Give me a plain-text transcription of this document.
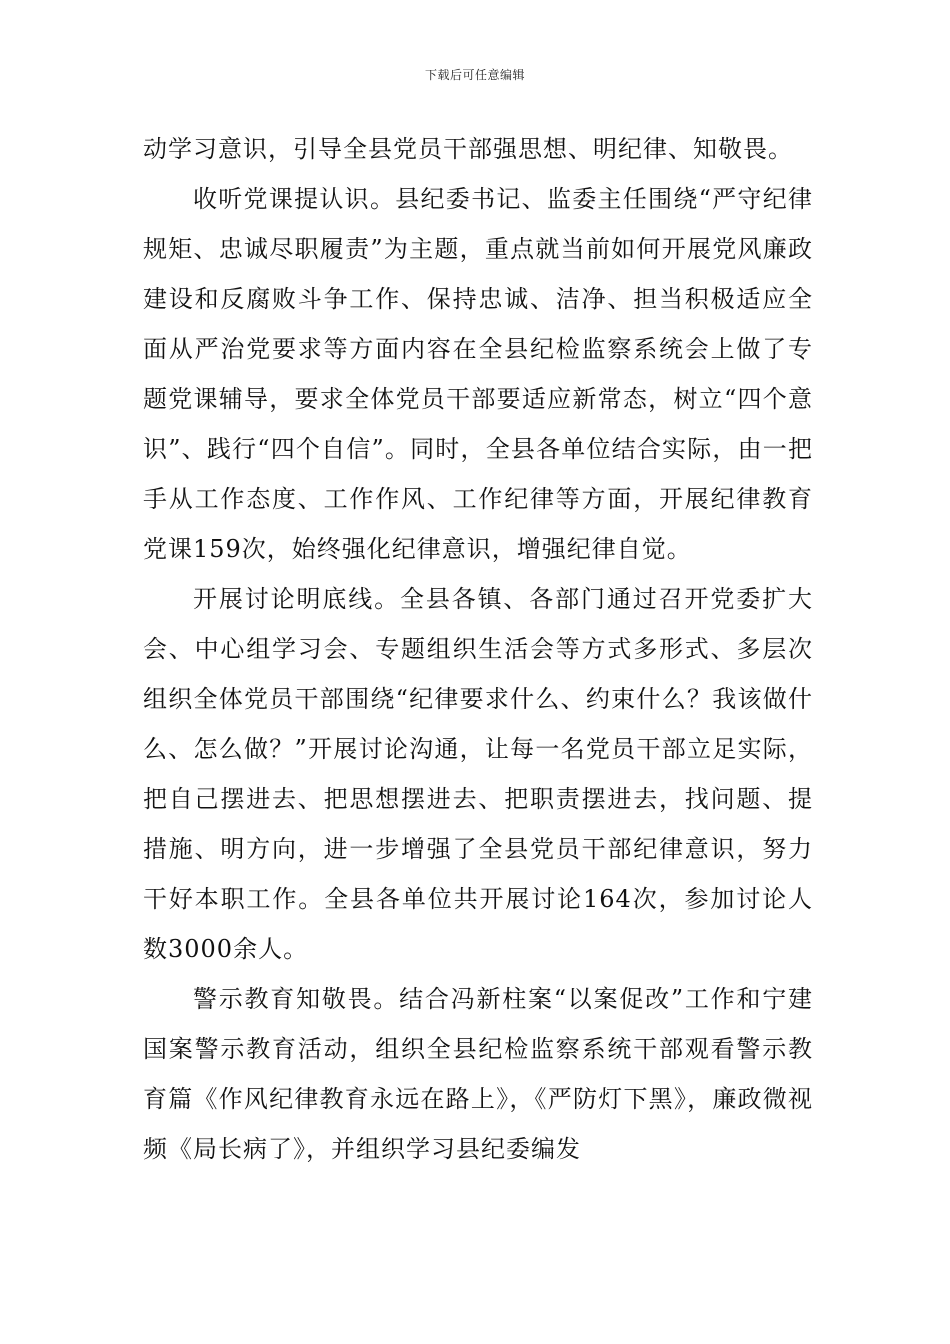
下载后可任意编辑

动学习意识，引导全县党员干部强思想、明纪律、知敬畏。

收听党课提认识。县纪委书记、监委主任围绕“严守纪律规矩、忠诚尽职履责”为主题，重点就当前如何开展党风廉政建设和反腐败斗争工作、保持忠诚、洁净、担当积极适应全面从严治党要求等方面内容在全县纪检监察系统会上做了专题党课辅导，要求全体党员干部要适应新常态，树立“四个意识”、践行“四个自信”。同时，全县各单位结合实际，由一把手从工作态度、工作作风、工作纪律等方面，开展纪律教育党课159次，始终强化纪律意识，增强纪律自觉。

开展讨论明底线。全县各镇、各部门通过召开党委扩大会、中心组学习会、专题组织生活会等方式多形式、多层次组织全体党员干部围绕“纪律要求什么、约束什么？我该做什么、怎么做？”开展讨论沟通，让每一名党员干部立足实际，把自己摆进去、把思想摆进去、把职责摆进去，找问题、提措施、明方向，进一步增强了全县党员干部纪律意识，努力干好本职工作。全县各单位共开展讨论164次，参加讨论人数3000余人。

警示教育知敬畏。结合冯新柱案“以案促改”工作和宁建国案警示教育活动，组织全县纪检监察系统干部观看警示教育篇《作风纪律教育永远在路上》，《严防灯下黑》，廉政微视频《局长病了》，并组织学习县纪委编发
